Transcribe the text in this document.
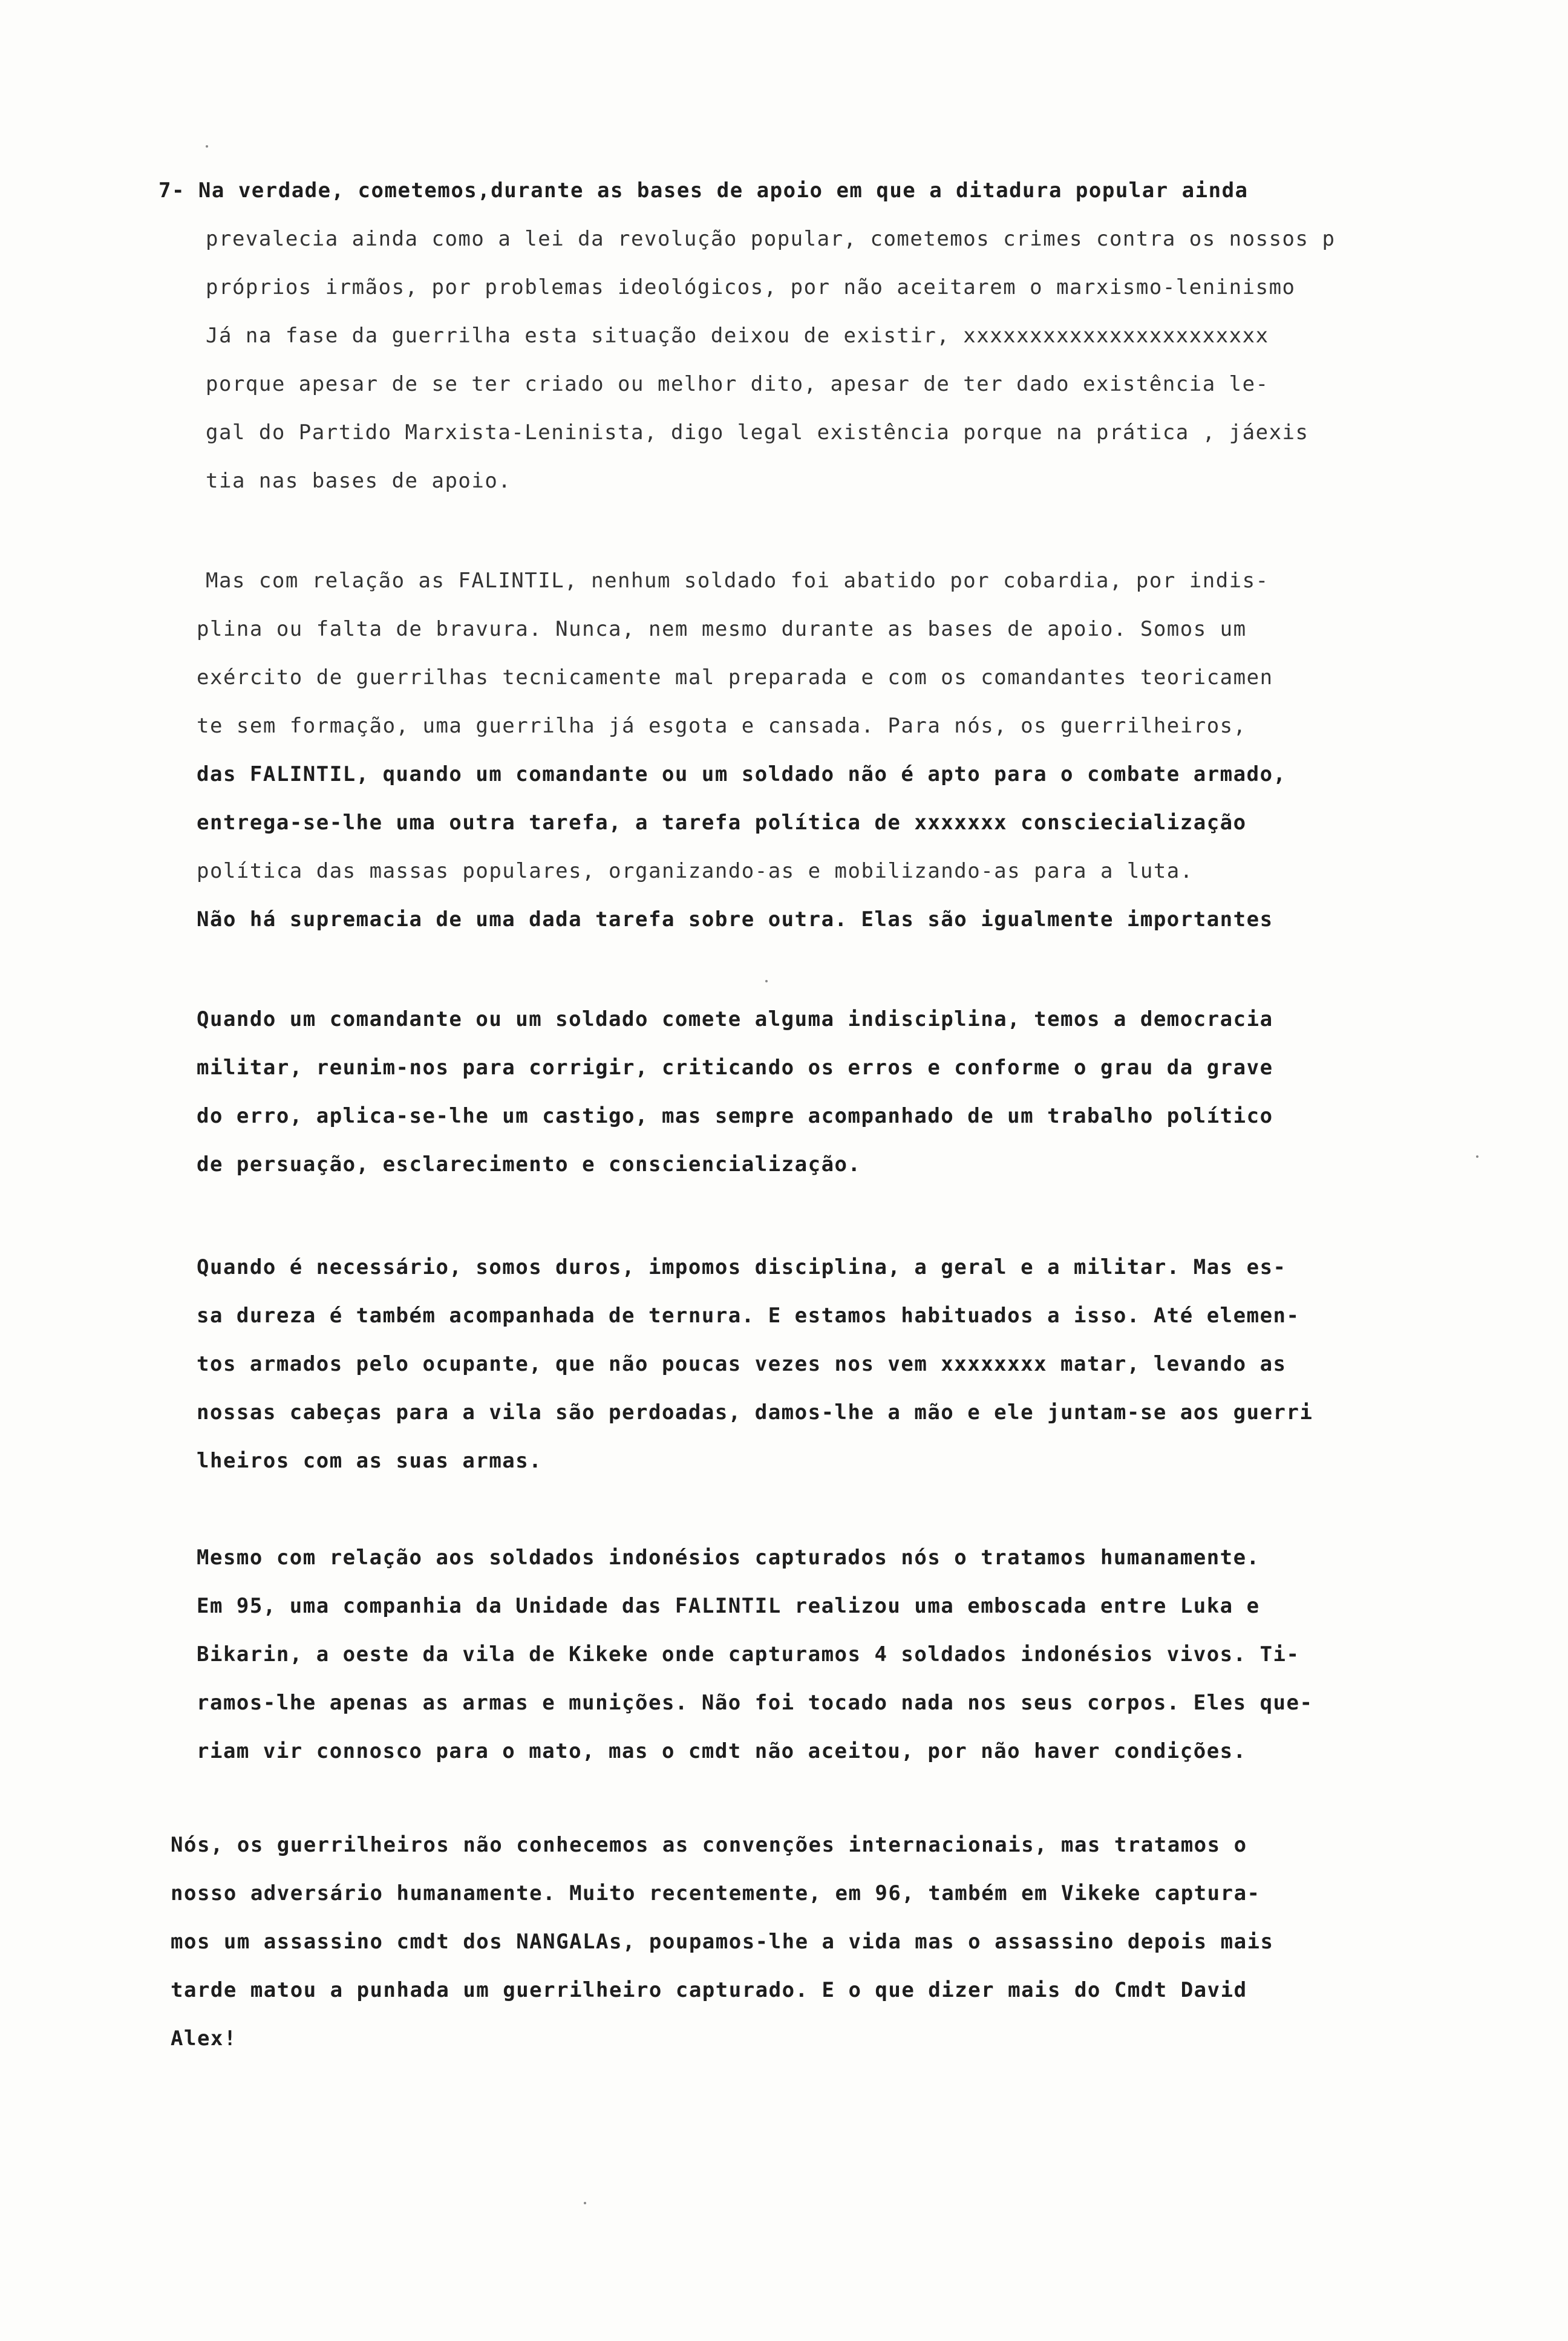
7- Na verdade, cometemos,durante as bases de apoio em que a ditadura popular ainda
prevalecia ainda como a lei da revolução popular, cometemos crimes contra os nossos p
próprios irmãos, por problemas ideológicos, por não aceitarem o marxismo-leninismo
Já na fase da guerrilha esta situação deixou de existir, xxxxxxxxxxxxxxxxxxxxxxx
porque apesar de se ter criado ou melhor dito, apesar de ter dado existência le-
gal do Partido Marxista-Leninista, digo legal existência porque na prática , jáexis
tia nas bases de apoio.
Mas com relação as FALINTIL, nenhum soldado foi abatido por cobardia, por indis-
plina ou falta de bravura. Nunca, nem mesmo durante as bases de apoio. Somos um
exército de guerrilhas tecnicamente mal preparada e com os comandantes teoricamen
te sem formação, uma guerrilha já esgota e cansada. Para nós, os guerrilheiros,
das FALINTIL, quando um comandante ou um soldado não é apto para o combate armado,
entrega-se-lhe uma outra tarefa, a tarefa política de xxxxxxx consciecialização
política das massas populares, organizando-as e mobilizando-as para a luta.
Não há supremacia de uma dada tarefa sobre outra. Elas são igualmente importantes
Quando um comandante ou um soldado comete alguma indisciplina, temos a democracia
militar, reunim-nos para corrigir, criticando os erros e conforme o grau da grave
do erro, aplica-se-lhe um castigo, mas sempre acompanhado de um trabalho político
de persuação, esclarecimento e consciencialização.
Quando é necessário, somos duros, impomos disciplina, a geral e a militar. Mas es-
sa dureza é também acompanhada de ternura. E estamos habituados a isso. Até elemen-
tos armados pelo ocupante, que não poucas vezes nos vem xxxxxxxx matar, levando as
nossas cabeças para a vila são perdoadas, damos-lhe a mão e ele juntam-se aos guerri
lheiros com as suas armas.
Mesmo com relação aos soldados indonésios capturados nós o tratamos humanamente.
Em 95, uma companhia da Unidade das FALINTIL realizou uma emboscada entre Luka e
Bikarin, a oeste da vila de Kikeke onde capturamos 4 soldados indonésios vivos. Ti-
ramos-lhe apenas as armas e munições. Não foi tocado nada nos seus corpos. Eles que-
riam vir connosco para o mato, mas o cmdt não aceitou, por não haver condições.
Nós, os guerrilheiros não conhecemos as convenções internacionais, mas tratamos o
nosso adversário humanamente. Muito recentemente, em 96, também em Vikeke captura-
mos um assassino cmdt dos NANGALAs, poupamos-lhe a vida mas o assassino depois mais
tarde matou a punhada um guerrilheiro capturado. E o que dizer mais do Cmdt David
Alex!
